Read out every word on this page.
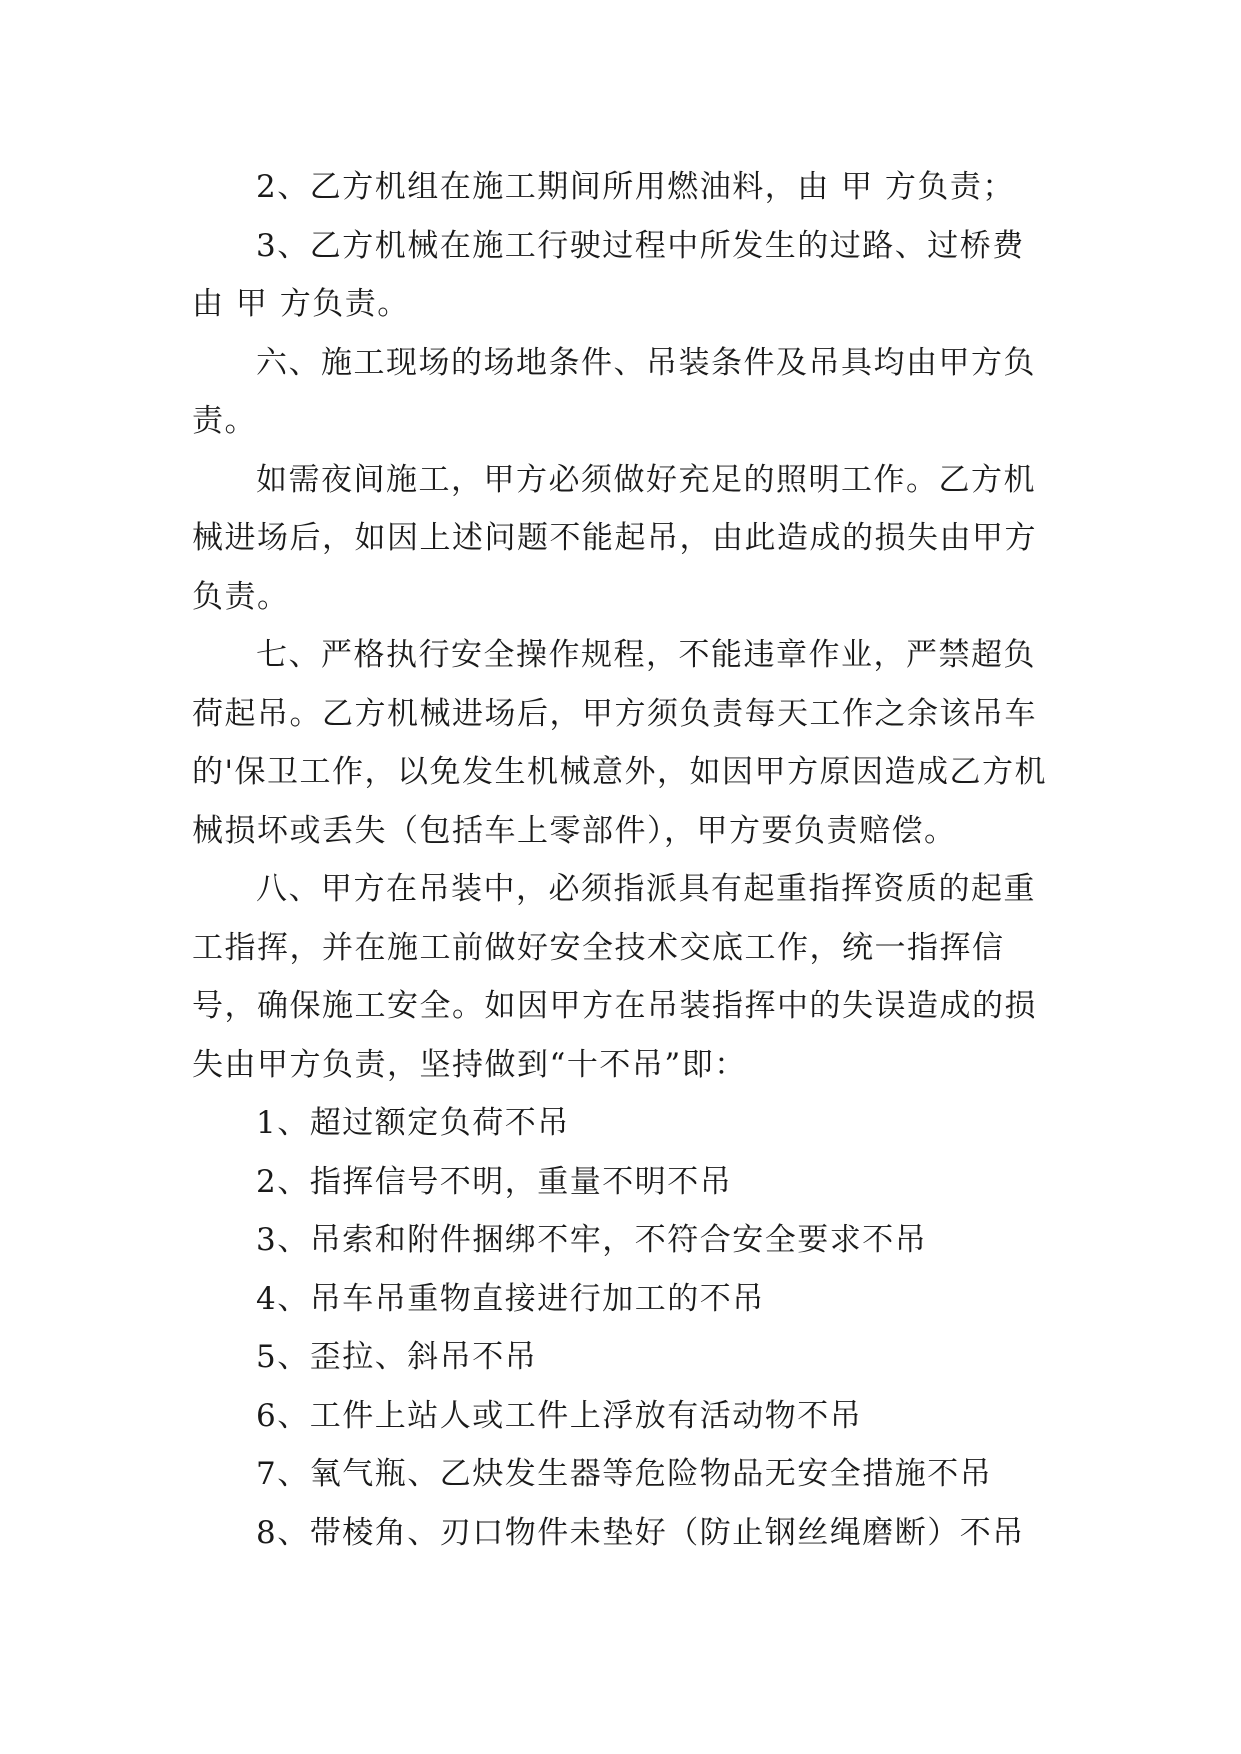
2、乙方机组在施工期间所用燃油料，由 甲 方负责；

3、乙方机械在施工行驶过程中所发生的过路、过桥费由 甲 方负责。

六、施工现场的场地条件、吊装条件及吊具均由甲方负责。

如需夜间施工，甲方必须做好充足的照明工作。乙方机械进场后，如因上述问题不能起吊，由此造成的损失由甲方负责。

七、严格执行安全操作规程，不能违章作业，严禁超负荷起吊。乙方机械进场后，甲方须负责每天工作之余该吊车的'保卫工作，以免发生机械意外，如因甲方原因造成乙方机械损坏或丢失（包括车上零部件），甲方要负责赔偿。

八、甲方在吊装中，必须指派具有起重指挥资质的起重工指挥，并在施工前做好安全技术交底工作，统一指挥信号，确保施工安全。如因甲方在吊装指挥中的失误造成的损失由甲方负责，坚持做到“十不吊”即：

1、超过额定负荷不吊

2、指挥信号不明，重量不明不吊

3、吊索和附件捆绑不牢，不符合安全要求不吊

4、吊车吊重物直接进行加工的不吊

5、歪拉、斜吊不吊

6、工件上站人或工件上浮放有活动物不吊

7、氧气瓶、乙炔发生器等危险物品无安全措施不吊

8、带棱角、刃口物件未垫好（防止钢丝绳磨断）不吊
